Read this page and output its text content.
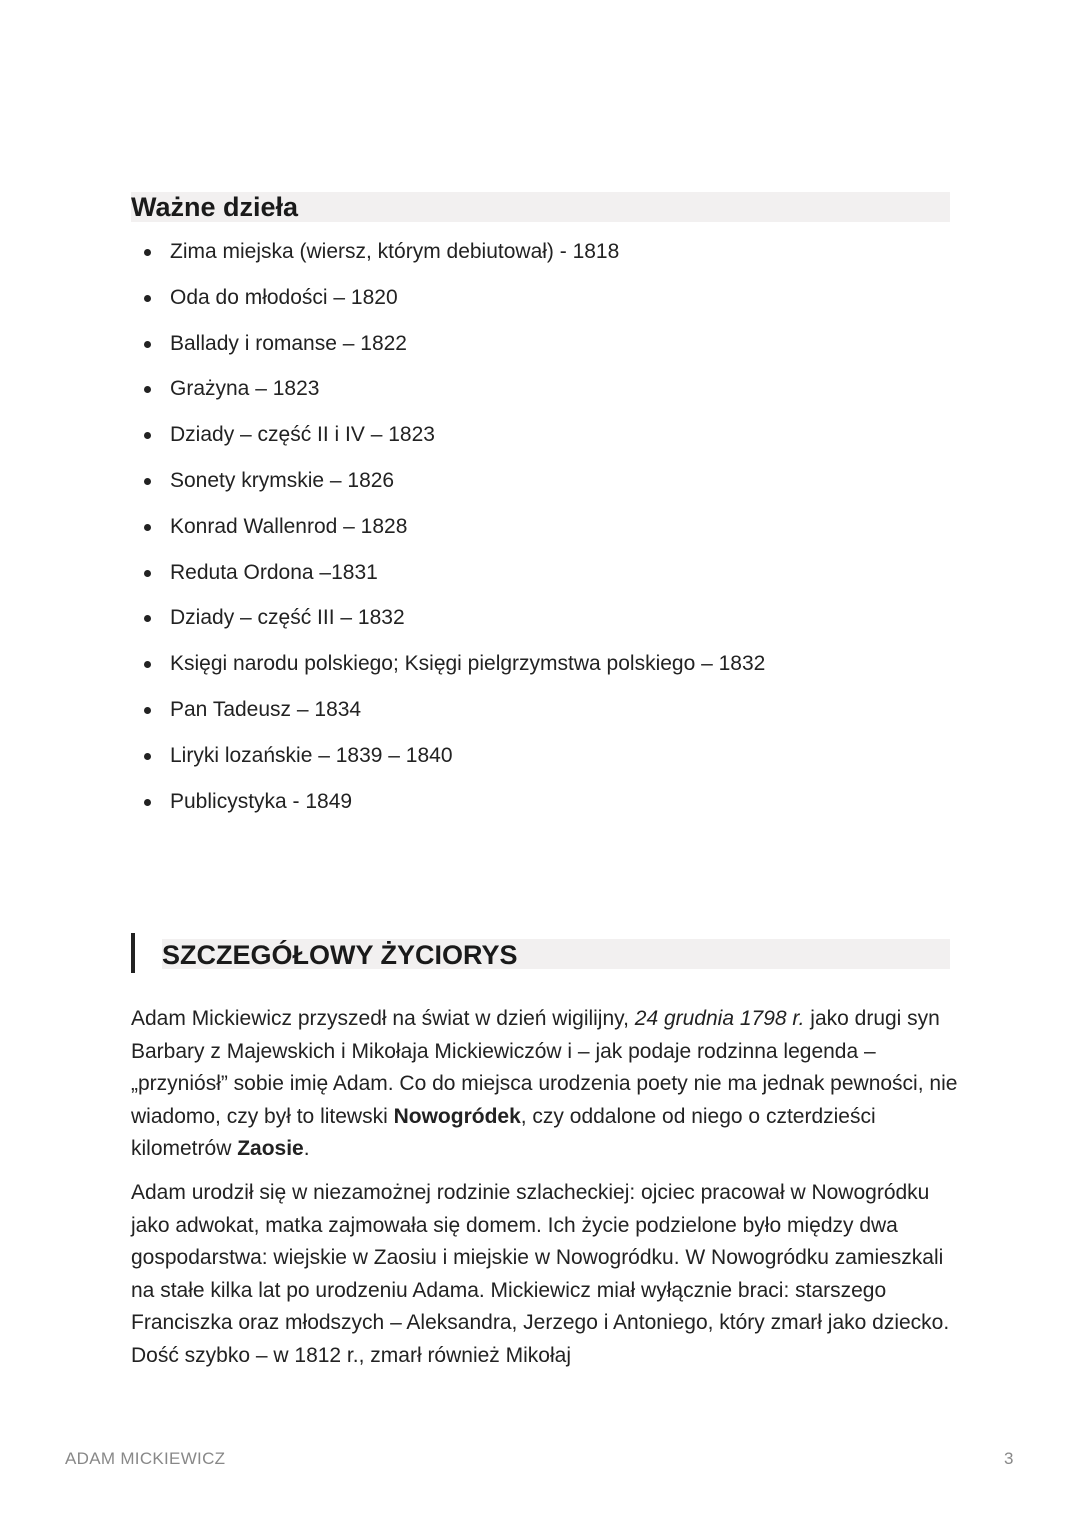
Ważne dzieła
Zima miejska (wiersz, którym debiutował) - 1818
Oda do młodości – 1820
Ballady i romanse – 1822
Grażyna – 1823
Dziady – część II i IV – 1823
Sonety krymskie – 1826
Konrad Wallenrod – 1828
Reduta Ordona –1831
Dziady – część III – 1832
Księgi narodu polskiego; Księgi pielgrzymstwa polskiego – 1832
Pan Tadeusz – 1834
Liryki lozańskie – 1839 – 1840
Publicystyka - 1849
SZCZEGÓŁOWY ŻYCIORYS

Adam Mickiewicz przyszedł na świat w dzień wigilijny, 24 grudnia 1798 r. jako drugi syn Barbary z Majewskich i Mikołaja Mickiewiczów i – jak podaje rodzinna legenda – „przyniósł” sobie imię Adam. Co do miejsca urodzenia poety nie ma jednak pewności, nie wiadomo, czy był to litewski Nowogródek, czy oddalone od niego o czterdzieści kilometrów Zaosie.

Adam urodził się w niezamożnej rodzinie szlacheckiej: ojciec pracował w Nowogródku jako adwokat, matka zajmowała się domem. Ich życie podzielone było między dwa gospodarstwa: wiejskie w Zaosiu i miejskie w Nowogródku. W Nowogródku zamieszkali na stałe kilka lat po urodzeniu Adama. Mickiewicz miał wyłącznie braci: starszego Franciszka oraz młodszych – Aleksandra, Jerzego i Antoniego, który zmarł jako dziecko. Dość szybko – w 1812 r., zmarł również Mikołaj

ADAM MICKIEWICZ	3
